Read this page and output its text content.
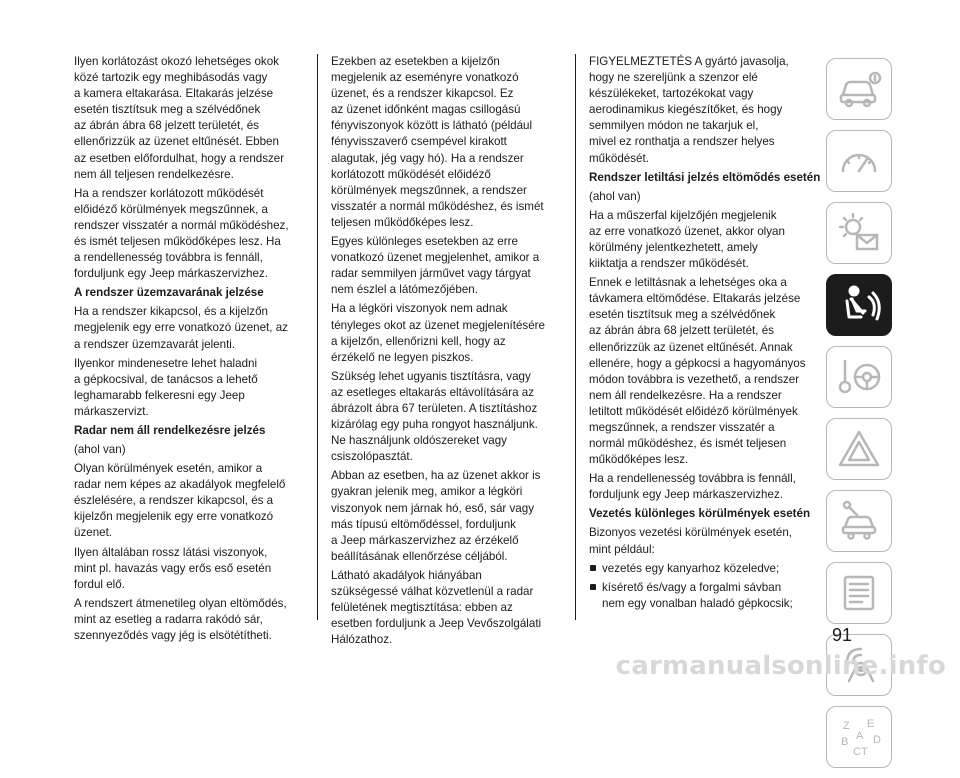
Ilyen korlátozást okozó lehetséges okok
közé tartozik egy meghibásodás vagy
a kamera eltakarása. Eltakarás jelzése
esetén tisztítsuk meg a szélvédőnek
az ábrán ábra 68 jelzett területét, és
ellenőrizzük az üzenet eltűnését. Ebben
az esetben előfordulhat, hogy a rendszer
nem áll teljesen rendelkezésre.

Ha a rendszer korlátozott működését
előidéző körülmények megszűnnek, a
rendszer visszatér a normál működéshez,
és ismét teljesen működőképes lesz. Ha
a rendellenesség továbbra is fennáll,
forduljunk egy Jeep márkaszervizhez.

A rendszer üzemzavarának jelzése

Ha a rendszer kikapcsol, és a kijelzőn
megjelenik egy erre vonatkozó üzenet, az
a rendszer üzemzavarát jelenti.

Ilyenkor mindenesetre lehet haladni
a gépkocsival, de tanácsos a lehető
leghamarabb felkeresni egy Jeep
márkaszervizt.

Radar nem áll rendelkezésre jelzés

(ahol van)

Olyan körülmények esetén, amikor a
radar nem képes az akadályok megfelelő
észlelésére, a rendszer kikapcsol, és a
kijelzőn megjelenik egy erre vonatkozó
üzenet.

Ilyen általában rossz látási viszonyok,
mint pl. havazás vagy erős eső esetén
fordul elő.

A rendszert átmenetileg olyan eltömődés,
mint az esetleg a radarra rakódó sár,
szennyeződés vagy jég is elsötétítheti.

Ezekben az esetekben a kijelzőn
megjelenik az eseményre vonatkozó
üzenet, és a rendszer kikapcsol. Ez
az üzenet időnként magas csillogású
fényviszonyok között is látható (például
fényvisszaverő csempével kirakott
alagutak, jég vagy hó). Ha a rendszer
korlátozott működését előidéző
körülmények megszűnnek, a rendszer
visszatér a normál működéshez, és ismét
teljesen működőképes lesz.

Egyes különleges esetekben az erre
vonatkozó üzenet megjelenhet, amikor a
radar semmilyen járművet vagy tárgyat
nem észlel a látómezőjében.

Ha a légköri viszonyok nem adnak
tényleges okot az üzenet megjelenítésére
a kijelzőn, ellenőrizni kell, hogy az
érzékelő ne legyen piszkos.

Szükség lehet ugyanis tisztításra, vagy
az esetleges eltakarás eltávolítására az
ábrázolt ábra 67 területen. A tisztításhoz
kizárólag egy puha rongyot használjunk.
Ne használjunk oldószereket vagy
csiszolópasztát.

Abban az esetben, ha az üzenet akkor is
gyakran jelenik meg, amikor a légköri
viszonyok nem járnak hó, eső, sár vagy
más típusú eltömődéssel, forduljunk
a Jeep márkaszervizhez az érzékelő
beállításának ellenőrzése céljából.

Látható akadályok hiányában
szükségessé válhat közvetlenül a radar
felületének megtisztítása: ebben az
esetben forduljunk a Jeep Vevőszolgálati
Hálózathoz.

FIGYELMEZTETÉS A gyártó javasolja,
hogy ne szereljünk a szenzor elé
készülékeket, tartozékokat vagy
aerodinamikus kiegészítőket, és hogy
semmilyen módon ne takarjuk el,
mivel ez ronthatja a rendszer helyes
működését.

Rendszer letiltási jelzés eltömődés esetén

(ahol van)

Ha a műszerfal kijelzőjén megjelenik
az erre vonatkozó üzenet, akkor olyan
körülmény jelentkezhetett, amely
kiiktatja a rendszer működését.

Ennek e letiltásnak a lehetséges oka a
távkamera eltömődése. Eltakarás jelzése
esetén tisztítsuk meg a szélvédőnek
az ábrán ábra 68 jelzett területét, és
ellenőrizzük az üzenet eltűnését. Annak
ellenére, hogy a gépkocsi a hagyományos
módon továbbra is vezethető, a rendszer
nem áll rendelkezésre. Ha a rendszer
letiltott működését előidéző körülmények
megszűnnek, a rendszer visszatér a
normál működéshez, és ismét teljesen
működőképes lesz.

Ha a rendellenesség továbbra is fennáll,
forduljunk egy Jeep márkaszervizhez.

Vezetés különleges körülmények esetén

Bizonyos vezetési körülmények esetén,
mint például:

vezetés egy kanyarhoz közeledve;

kísérető és/vagy a forgalmi sávban
nem egy vonalban haladó gépkocsik;

Z E
B D
C T
A
91
carmanualsonline.info
